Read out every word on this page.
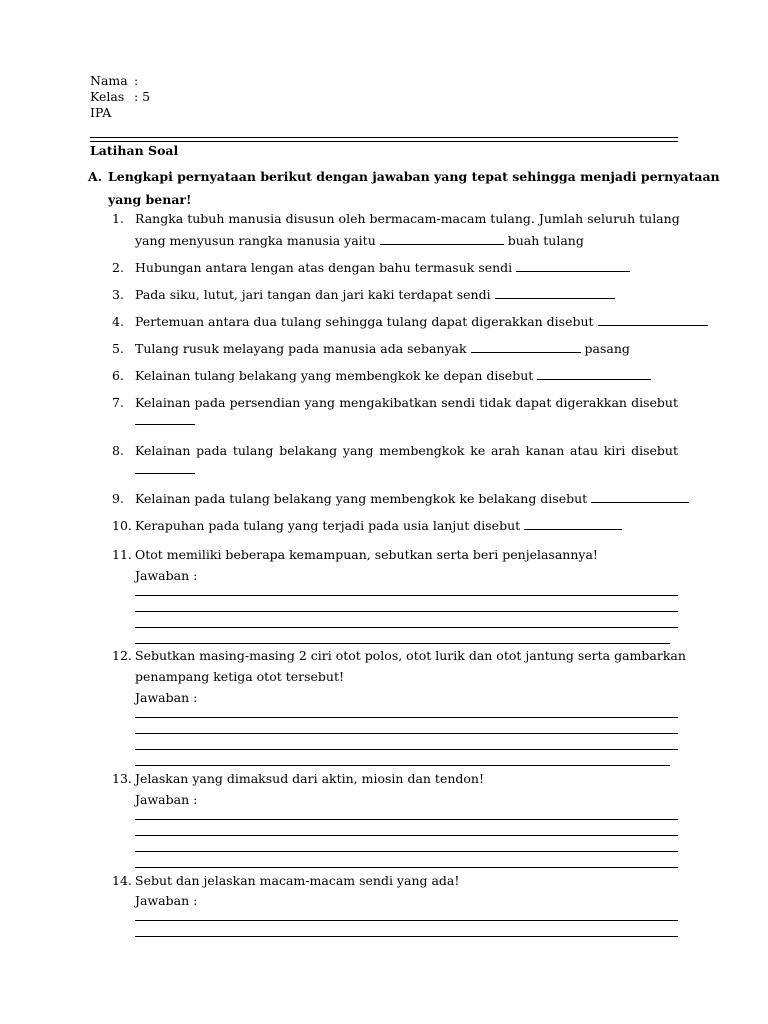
Nama :
Kelas : 5
IPA
Latihan Soal
A. Lengkapi pernyataan berikut dengan jawaban yang tepat sehingga menjadi pernyataan
yang benar!
1. Rangka tubuh manusia disusun oleh bermacam-macam tulang. Jumlah seluruh tulang
yang menyusun rangka manusia yaitu	buah tulang
2. Hubungan antara lengan atas dengan bahu termasuk sendi
3. Pada siku, lutut, jari tangan dan jari kaki terdapat sendi
4. Pertemuan antara dua tulang sehingga tulang dapat digerakkan disebut
5. Tulang rusuk melayang pada manusia ada sebanyak	pasang
6. Kelainan tulang belakang yang membengkok ke depan disebut
7. Kelainan pada persendian yang mengakibatkan sendi tidak dapat digerakkan disebut
8. Kelainan pada tulang belakang yang membengkok ke arah kanan atau kiri disebut
9. Kelainan pada tulang belakang yang membengkok ke belakang disebut
10. Kerapuhan pada tulang yang terjadi pada usia lanjut disebut
11. Otot memiliki beberapa kemampuan, sebutkan serta beri penjelasannya!
Jawaban :
12. Sebutkan masing-masing 2 ciri otot polos, otot lurik dan otot jantung serta gambarkan
penampang ketiga otot tersebut!
Jawaban :
13. Jelaskan yang dimaksud dari aktin, miosin dan tendon!
Jawaban :
14. Sebut dan jelaskan macam-macam sendi yang ada!
Jawaban :
